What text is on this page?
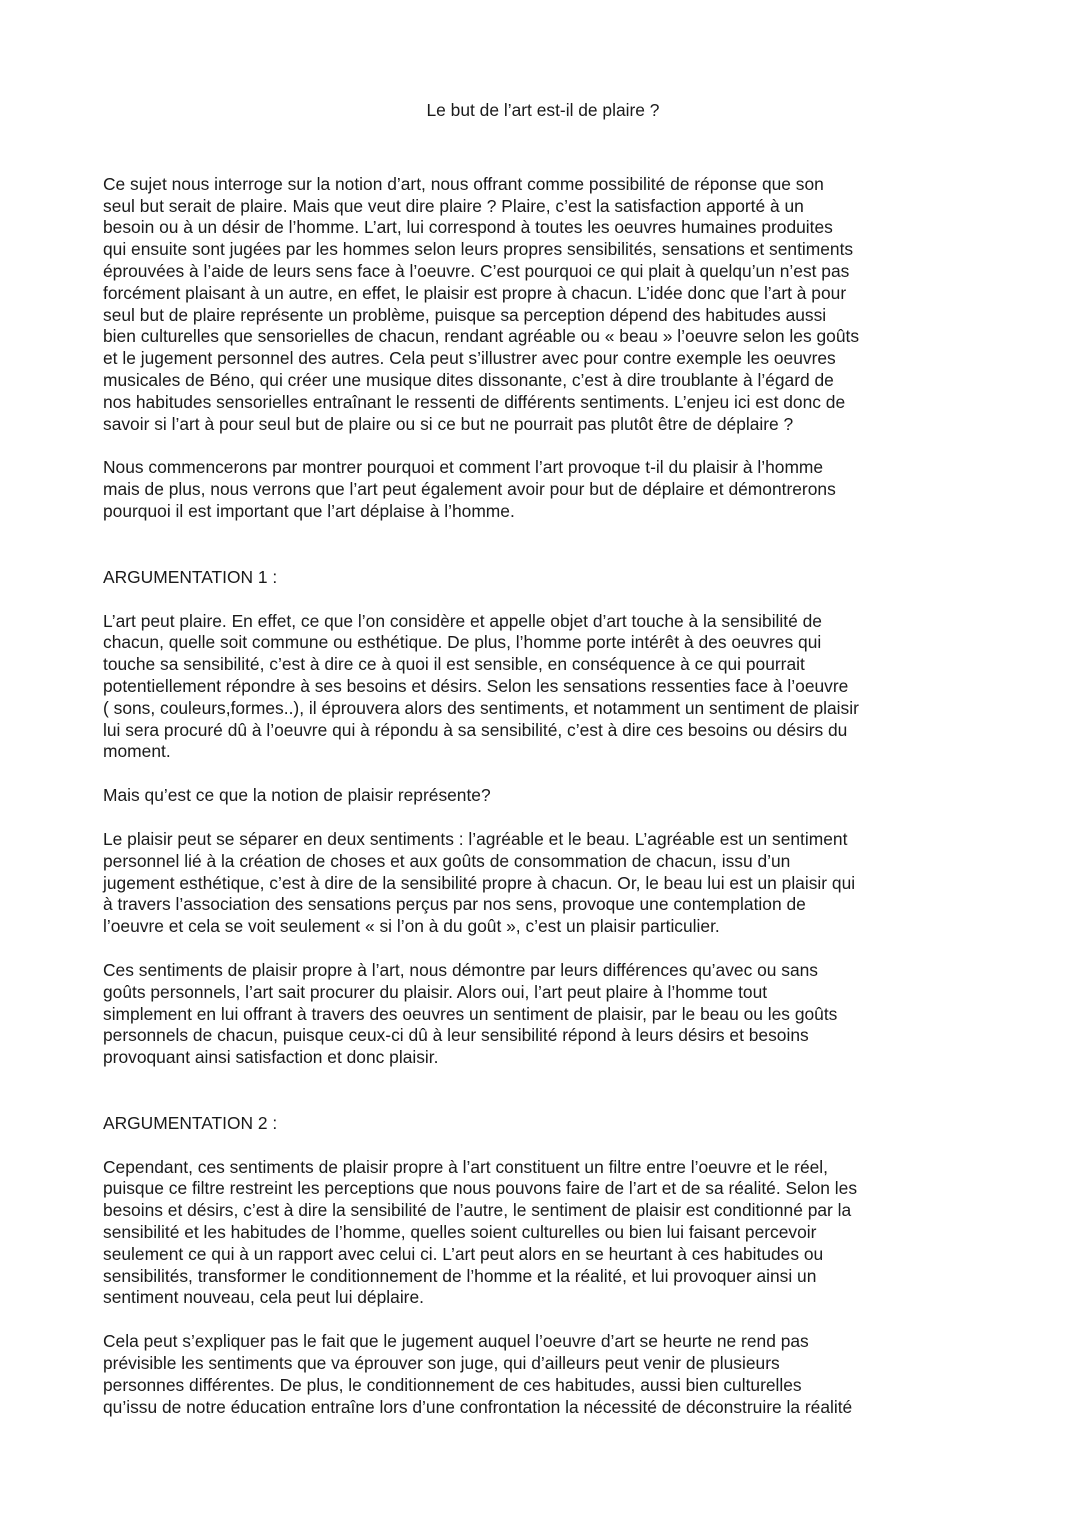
Le but de l’art est-il de plaire ?

Ce sujet nous interroge sur la notion d’art, nous offrant comme possibilité de réponse que son
seul but serait de plaire. Mais que veut dire plaire ? Plaire, c’est la satisfaction apporté à un
besoin ou à un désir de l’homme. L’art, lui correspond à toutes les oeuvres humaines produites
qui ensuite sont jugées par les hommes selon leurs propres sensibilités, sensations et sentiments
éprouvées à l’aide de leurs sens face à l’oeuvre. C’est pourquoi ce qui plait à quelqu’un n’est pas
forcément plaisant à un autre, en effet, le plaisir est propre à chacun. L’idée donc que l’art à pour
seul but de plaire représente un problème, puisque sa perception dépend des habitudes aussi
bien culturelles que sensorielles de chacun, rendant agréable ou « beau » l’oeuvre selon les goûts
et le jugement personnel des autres. Cela peut s’illustrer avec pour contre exemple les oeuvres
musicales de Béno, qui créer une musique dites dissonante, c’est à dire troublante à l’égard de
nos habitudes sensorielles entraînant le ressenti de différents sentiments. L’enjeu ici est donc de
savoir si l’art à pour seul but de plaire ou si ce but ne pourrait pas plutôt être de déplaire ?

Nous commencerons par montrer pourquoi et comment l’art provoque t-il du plaisir à l’homme
mais de plus, nous verrons que l’art peut également avoir pour but de déplaire et démontrerons
pourquoi il est important que l’art déplaise à l’homme.

ARGUMENTATION 1 :

L’art peut plaire. En effet, ce que l’on considère et appelle objet d’art touche à la sensibilité de
chacun, quelle soit commune ou esthétique. De plus, l’homme porte intérêt à des oeuvres qui
touche sa sensibilité, c’est à dire ce à quoi il est sensible, en conséquence à ce qui pourrait
potentiellement répondre à ses besoins et désirs. Selon les sensations ressenties face à l’oeuvre
( sons, couleurs,formes..), il éprouvera alors des sentiments, et notamment un sentiment de plaisir
lui sera procuré dû à l’oeuvre qui à répondu à sa sensibilité, c’est à dire ces besoins ou désirs du
moment.

Mais qu’est ce que la notion de plaisir représente?

Le plaisir peut se séparer en deux sentiments : l’agréable et le beau. L’agréable est un sentiment
personnel lié à la création de choses et aux goûts de consommation de chacun, issu d’un
jugement esthétique, c’est à dire de la sensibilité propre à chacun. Or, le beau lui est un plaisir qui
à travers l’association des sensations perçus par nos sens, provoque une contemplation de
l’oeuvre et cela se voit seulement « si l’on à du goût », c’est un plaisir particulier.

Ces sentiments de plaisir propre à l’art, nous démontre par leurs différences qu’avec ou sans
goûts personnels, l’art sait procurer du plaisir. Alors oui, l’art peut plaire à l’homme tout
simplement en lui offrant à travers des oeuvres un sentiment de plaisir, par le beau ou les goûts
personnels de chacun, puisque ceux-ci dû à leur sensibilité répond à leurs désirs et besoins
provoquant ainsi satisfaction et donc plaisir.

ARGUMENTATION 2 :

Cependant, ces sentiments de plaisir propre à l’art constituent un filtre entre l’oeuvre et le réel,
puisque ce filtre restreint les perceptions que nous pouvons faire de l’art et de sa réalité. Selon les
besoins et désirs, c’est à dire la sensibilité de l’autre, le sentiment de plaisir est conditionné par la
sensibilité et les habitudes de l’homme, quelles soient culturelles ou bien lui faisant percevoir
seulement ce qui à un rapport avec celui ci. L’art peut alors en se heurtant à ces habitudes ou
sensibilités, transformer le conditionnement de l’homme et la réalité, et lui provoquer ainsi un
sentiment nouveau, cela peut lui déplaire.

Cela peut s’expliquer pas le fait que le jugement auquel l’oeuvre d’art se heurte ne rend pas
prévisible les sentiments que va éprouver son juge, qui d’ailleurs peut venir de plusieurs
personnes différentes. De plus, le conditionnement de ces habitudes, aussi bien culturelles
qu’issu de notre éducation entraîne lors d’une confrontation la nécessité de déconstruire la réalité
